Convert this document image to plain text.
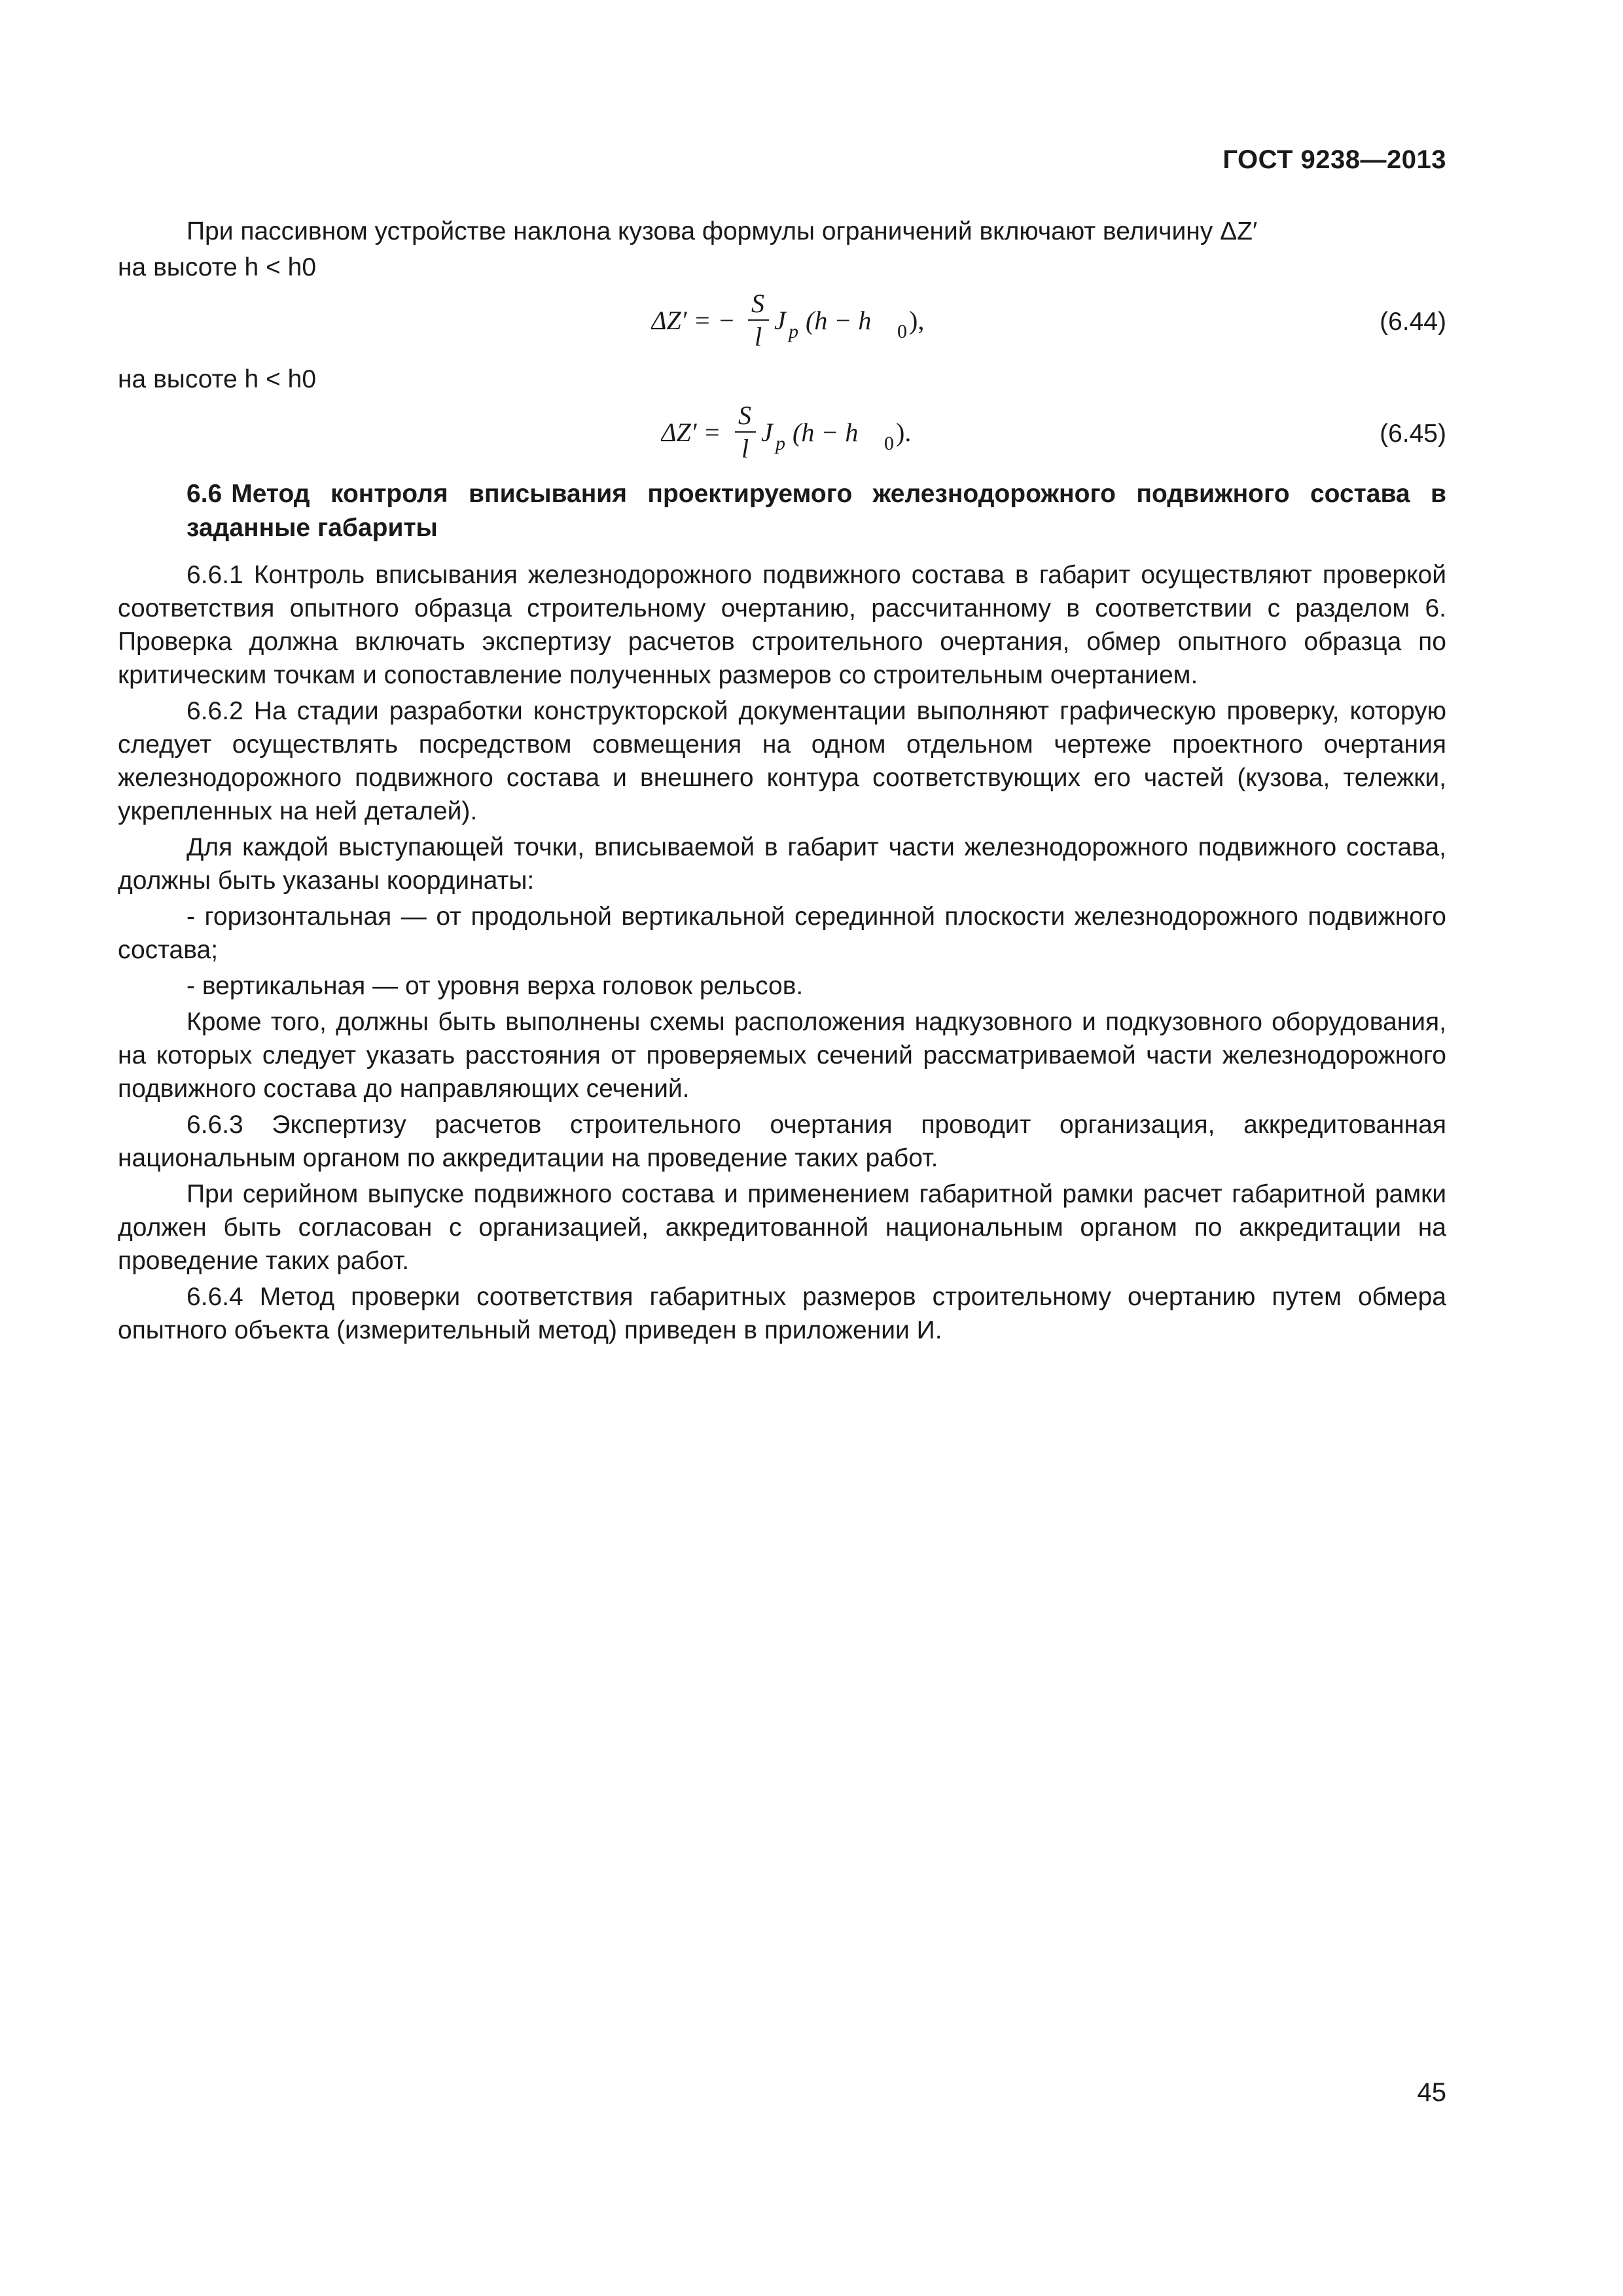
ГОСТ 9238—2013
При пассивном устройстве наклона кузова формулы ограничений включают величину ΔZ′
на высоте h < h0
ΔZ′ = −
S
l
J p (h − h 0 ),	(6.44)
на высоте h < h0
ΔZ′ =
S
l
J p (h − h 0 ).	(6.45)
6.6 Метод контроля вписывания проектируемого железнодорожного подвижного состава в заданные габариты
6.6.1 Контроль вписывания железнодорожного подвижного состава в габарит осуществляют проверкой соответствия опытного образца строительному очертанию, рассчитанному в соответствии с разделом 6. Проверка должна включать экспертизу расчетов строительного очертания, обмер опытного образца по критическим точкам и сопоставление полученных размеров со строительным очертанием.
6.6.2 На стадии разработки конструкторской документации выполняют графическую проверку, которую следует осуществлять посредством совмещения на одном отдельном чертеже проектного очертания железнодорожного подвижного состава и внешнего контура соответствующих его частей (кузова, тележки, укрепленных на ней деталей).
Для каждой выступающей точки, вписываемой в габарит части железнодорожного подвижного состава, должны быть указаны координаты:
- горизонтальная — от продольной вертикальной серединной плоскости железнодорожного подвижного состава;
- вертикальная — от уровня верха головок рельсов.
Кроме того, должны быть выполнены схемы расположения надкузовного и подкузовного оборудования, на которых следует указать расстояния от проверяемых сечений рассматриваемой части железнодорожного подвижного состава до направляющих сечений.
6.6.3 Экспертизу расчетов строительного очертания проводит организация, аккредитованная национальным органом по аккредитации на проведение таких работ.
При серийном выпуске подвижного состава и применением габаритной рамки расчет габаритной рамки должен быть согласован с организацией, аккредитованной национальным органом по аккредитации на проведение таких работ.
6.6.4 Метод проверки соответствия габаритных размеров строительному очертанию путем обмера опытного объекта (измерительный метод) приведен в приложении И.
45
